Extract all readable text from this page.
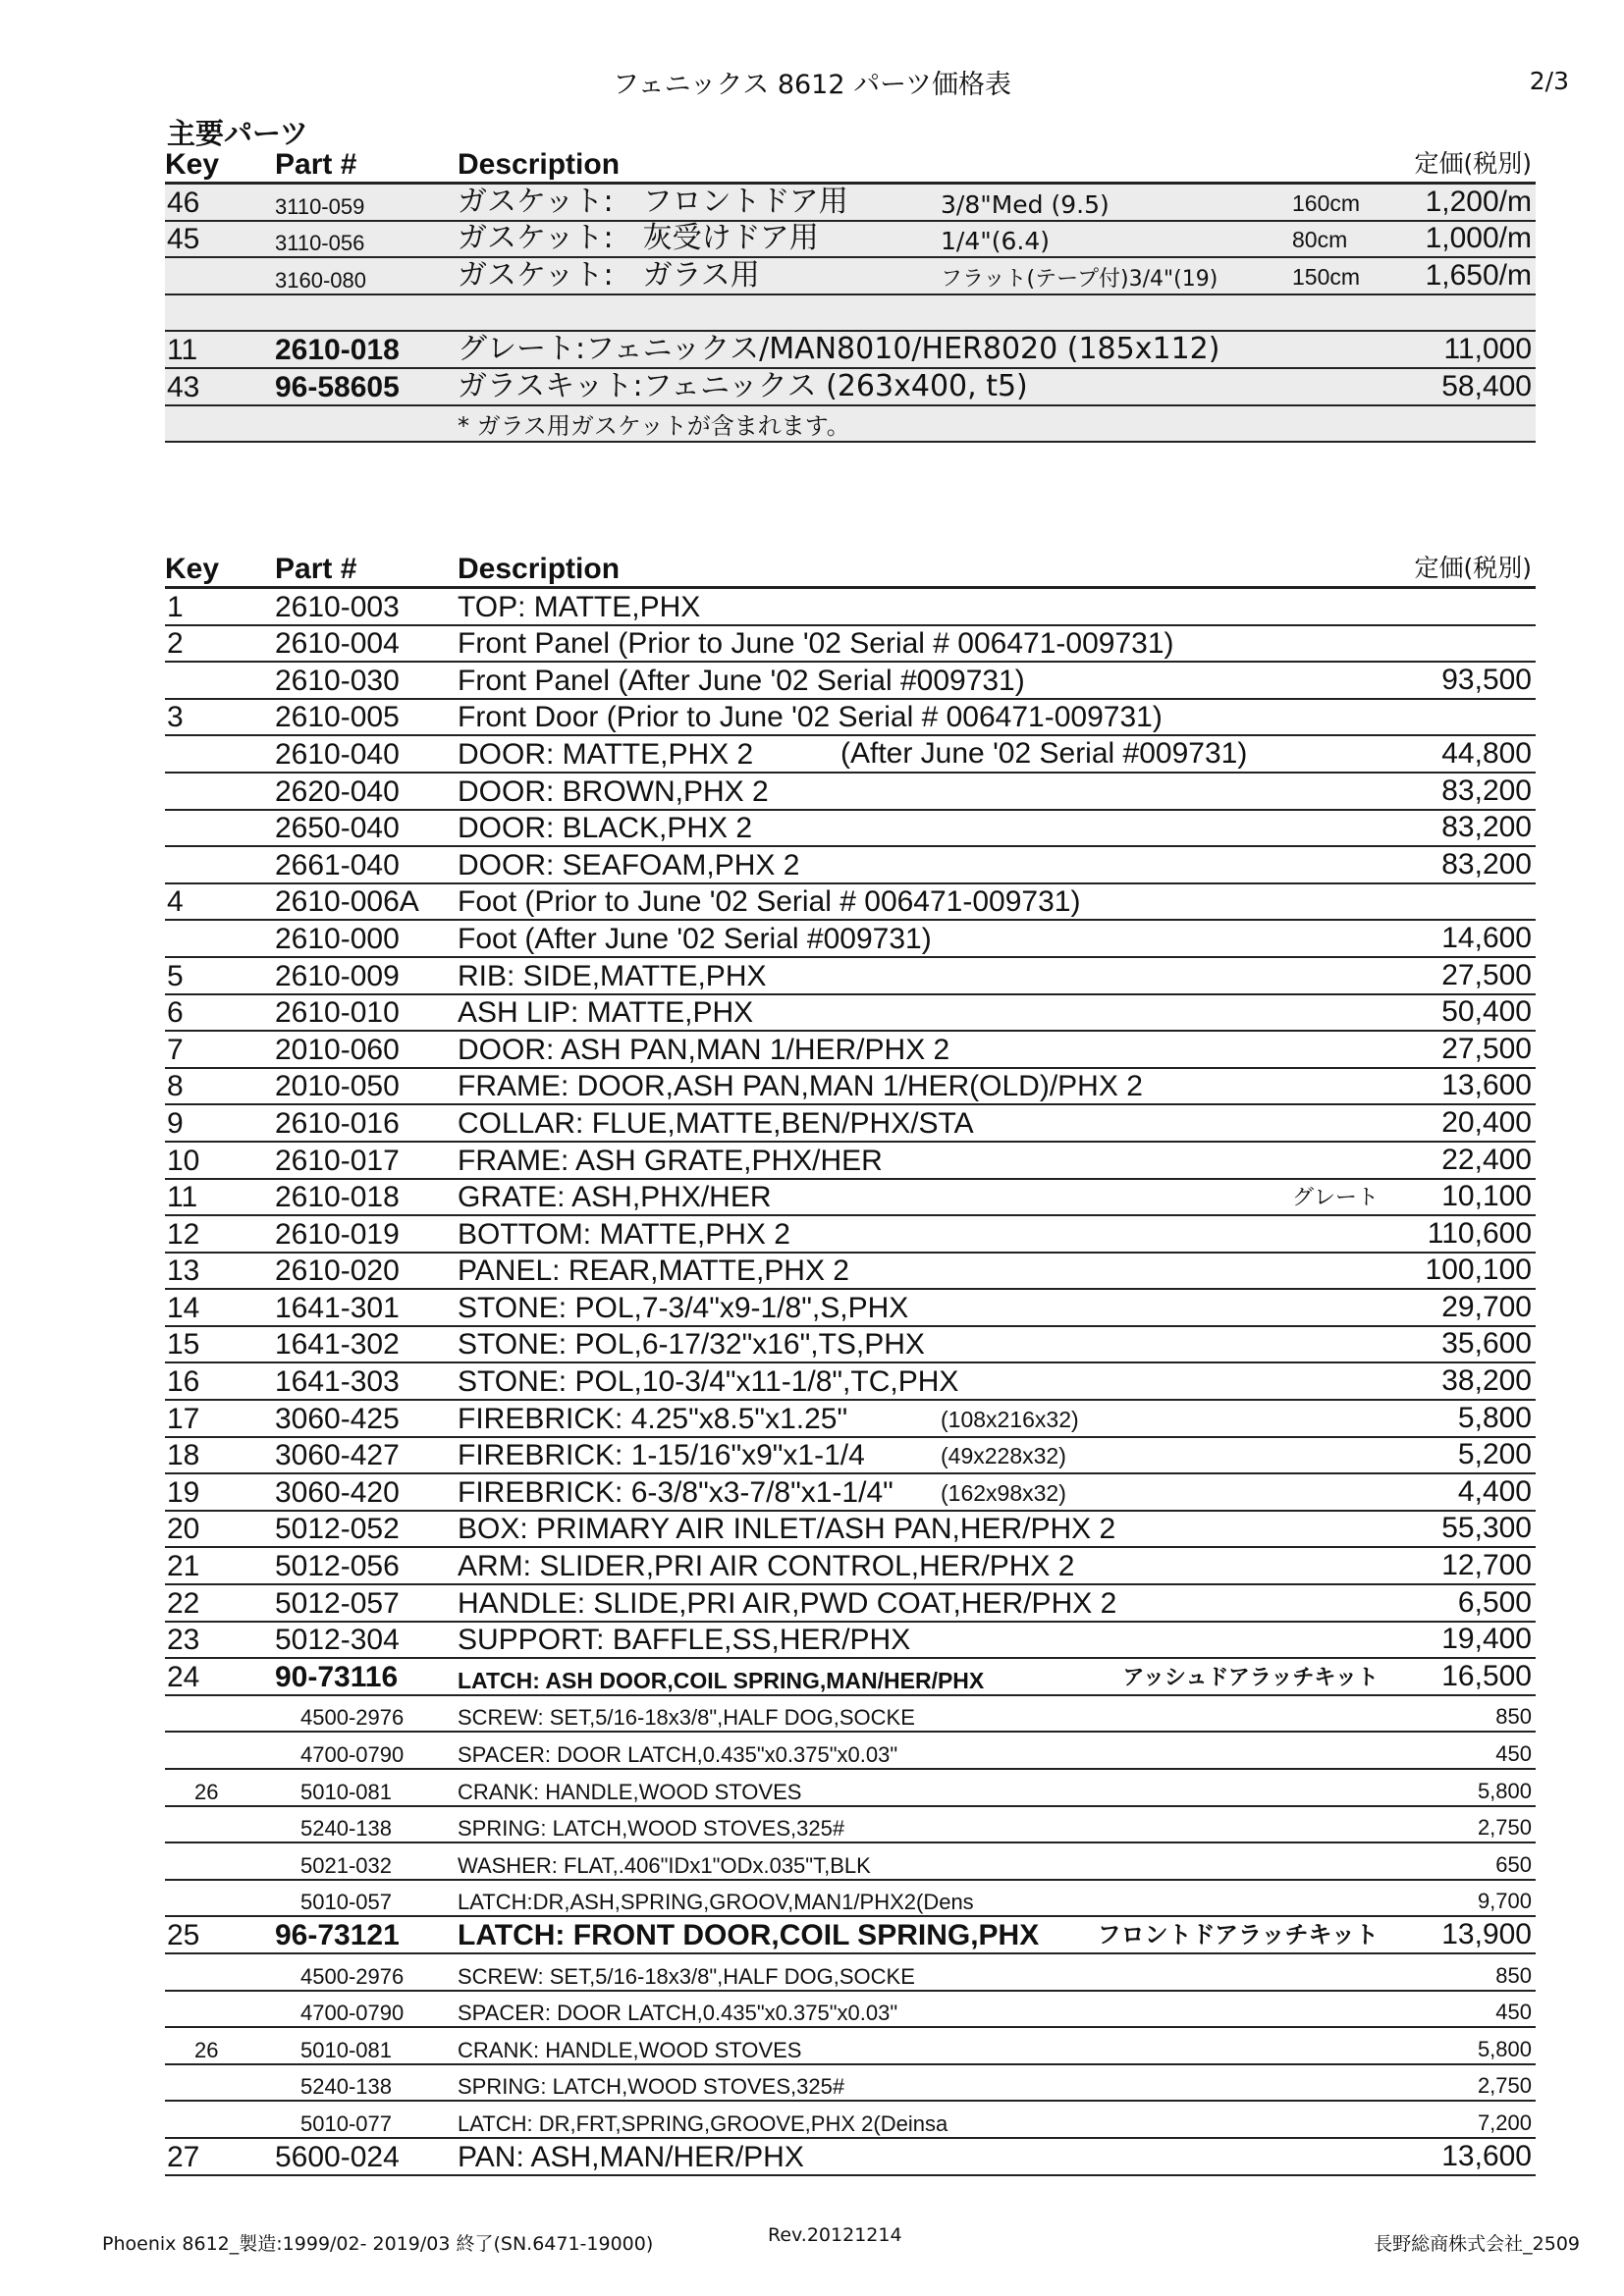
フェニックス 8612 パーツ価格表	2/3
主要パーツ
Key	Part #	Description	定価(税別)
46	3110-059	ガスケット:　フロントドア用	3/8"Med (9.5)	160cm 1,200/m
45	3110-056	ガスケット:　灰受けドア用	1/4"(6.4)	80cm	1,000/m
3160-080	ガスケット:　ガラス用	フラット(テープ付)3/4"(19)	150cm 1,650/m
11	2610-018	グレート:フェニックス/MAN8010/HER8020 (185x112)	11,000
43	96-58605	ガラスキット:フェニックス (263x400, t5)	58,400
* ガラス用ガスケットが含まれます。
Key	Part #	Description	定価(税別)
1	2610-003	TOP: MATTE,PHX
2	2610-004	Front Panel (Prior to June '02 Serial # 006471-009731)
2610-030	Front Panel (After June '02 Serial #009731)	93,500
3	2610-005	Front Door (Prior to June '02 Serial # 006471-009731)
2610-040	DOOR: MATTE,PHX 2	(After June '02 Serial #009731)	44,800
2620-040	DOOR: BROWN,PHX 2	83,200
2650-040	DOOR: BLACK,PHX 2	83,200
2661-040	DOOR: SEAFOAM,PHX 2	83,200
4	2610-006A	Foot (Prior to June '02 Serial # 006471-009731)
2610-000	Foot (After June '02 Serial #009731)	14,600
5	2610-009	RIB: SIDE,MATTE,PHX	27,500
6	2610-010	ASH LIP: MATTE,PHX	50,400
7	2010-060	DOOR: ASH PAN,MAN 1/HER/PHX 2	27,500
8	2010-050	FRAME: DOOR,ASH PAN,MAN 1/HER(OLD)/PHX 2	13,600
9	2610-016	COLLAR: FLUE,MATTE,BEN/PHX/STA	20,400
10	2610-017	FRAME: ASH GRATE,PHX/HER	22,400
11	2610-018	GRATE: ASH,PHX/HER	グレート 10,100
12	2610-019	BOTTOM: MATTE,PHX 2	110,600
13	2610-020	PANEL: REAR,MATTE,PHX 2	100,100
14	1641-301	STONE: POL,7-3/4"x9-1/8",S,PHX	29,700
15	1641-302	STONE: POL,6-17/32"x16",TS,PHX	35,600
16	1641-303	STONE: POL,10-3/4"x11-1/8",TC,PHX	38,200
17	3060-425	FIREBRICK: 4.25"x8.5"x1.25"	(108x216x32)	5,800
18	3060-427	FIREBRICK: 1-15/16"x9"x1-1/4	(49x228x32)	5,200
19	3060-420	FIREBRICK: 6-3/8"x3-7/8"x1-1/4" (162x98x32)	4,400
20	5012-052	BOX: PRIMARY AIR INLET/ASH PAN,HER/PHX 2	55,300
21	5012-056	ARM: SLIDER,PRI AIR CONTROL,HER/PHX 2	12,700
22	5012-057	HANDLE: SLIDE,PRI AIR,PWD COAT,HER/PHX 2	6,500
23	5012-304	SUPPORT: BAFFLE,SS,HER/PHX	19,400
24	90-73116	LATCH: ASH DOOR,COIL SPRING,MAN/HER/PHX	アッシュドアラッチキット 16,500
4500-2976	SCREW: SET,5/16-18x3/8",HALF DOG,SOCKE	850
4700-0790	SPACER: DOOR LATCH,0.435"x0.375"x0.03"	450
26	5010-081	CRANK: HANDLE,WOOD STOVES	5,800
5240-138	SPRING: LATCH,WOOD STOVES,325#	2,750
5021-032	WASHER: FLAT,.406"IDx1"ODx.035"T,BLK	650
5010-057	LATCH:DR,ASH,SPRING,GROOV,MAN1/PHX2(Dens	9,700
25	96-73121	LATCH: FRONT DOOR,COIL SPRING,PHX フロントドアラッチキット 13,900
4500-2976	SCREW: SET,5/16-18x3/8",HALF DOG,SOCKE	850
4700-0790	SPACER: DOOR LATCH,0.435"x0.375"x0.03"	450
26	5010-081	CRANK: HANDLE,WOOD STOVES	5,800
5240-138	SPRING: LATCH,WOOD STOVES,325#	2,750
5010-077	LATCH: DR,FRT,SPRING,GROOVE,PHX 2(Deinsa	7,200
27	5600-024	PAN: ASH,MAN/HER/PHX	13,600
Phoenix 8612_製造:1999/02- 2019/03 終了(SN.6471-19000)	Rev.20121214	長野総商株式会社_2509
